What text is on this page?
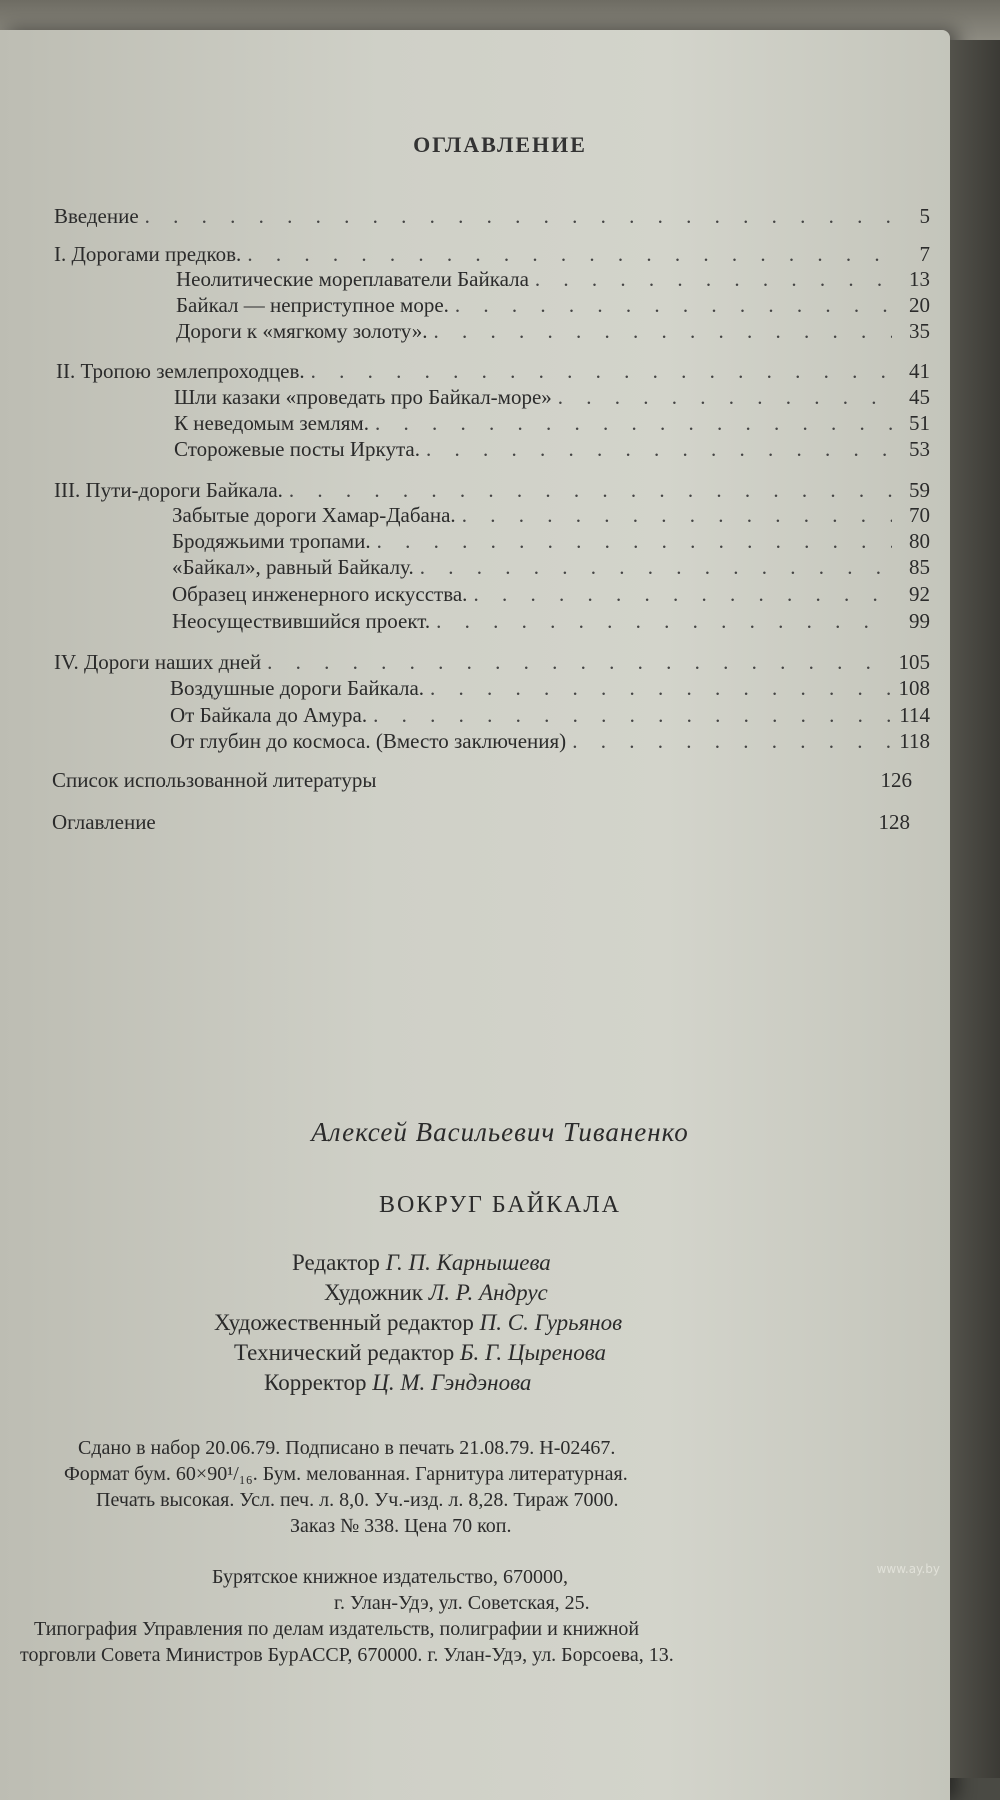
ОГЛАВЛЕНИЕ
Введение . . .	5
I. Дорогами предков. . . .	7
Неолитические мореплаватели Байкала . . .	13
Байкал — неприступное море. . . .	20
Дороги к «мягкому золоту». . . .	35
II. Тропою землепроходцев. . . .	41
Шли казаки «проведать про Байкал-море» . . .	45
К неведомым землям. . . .	51
Сторожевые посты Иркута. . . .	53
III. Пути-дороги Байкала. . . .	59
Забытые дороги Хамар-Дабана. . . .	70
Бродяжьими тропами. . . .	80
«Байкал», равный Байкалу. . . .	85
Образец инженерного искусства. . . .	92
Неосуществившийся проект. . . .	99
IV. Дороги наших дней . . .	105
Воздушные дороги Байкала. . . .	108
От Байкала до Амура. . . .	114
От глубин до космоса. (Вместо заключения) . . .	118
Список использованной литературы	126
Оглавление	128
Алексей Васильевич Тиваненко
ВОКРУГ БАЙКАЛА
Редактор Г. П. Карнышева
Художник Л. Р. Андрус
Художественный редактор П. С. Гурьянов
Технический редактор Б. Г. Цыренова
Корректор Ц. М. Гэндэнова
Сдано в набор 20.06.79. Подписано в печать 21.08.79. Н-02467.
Формат бум. 60×90¹/₁₆. Бум. мелованная. Гарнитура литературная.
Печать высокая. Усл. печ. л. 8,0. Уч.-изд. л. 8,28. Тираж 7000.
Заказ № 338. Цена 70 коп.
Бурятское книжное издательство, 670000,
г. Улан-Удэ, ул. Советская, 25.
Типография Управления по делам издательств, полиграфии и книжной
торговли Совета Министров БурАССР, 670000. г. Улан-Удэ, ул. Борсоева, 13.
www.ay.by
